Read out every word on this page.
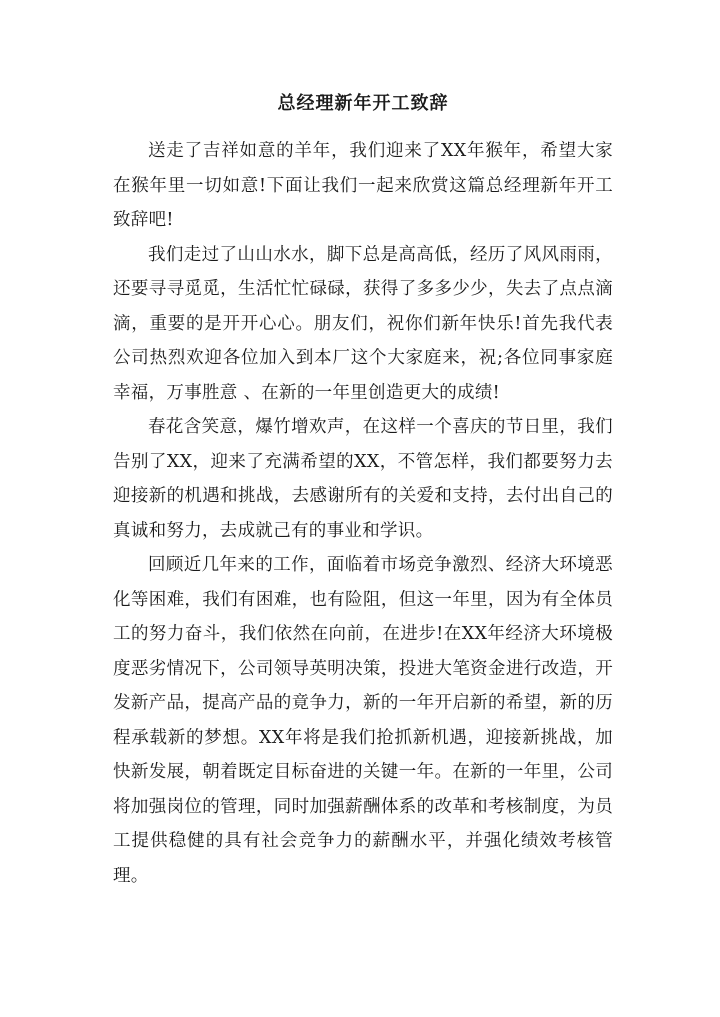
总经理新年开工致辞

送走了吉祥如意的羊年，我们迎来了XX年猴年，希望大家在猴年里一切如意!下面让我们一起来欣赏这篇总经理新年开工致辞吧!

我们走过了山山水水，脚下总是高高低，经历了风风雨雨，还要寻寻觅觅，生活忙忙碌碌，获得了多多少少，失去了点点滴滴，重要的是开开心心。朋友们，祝你们新年快乐!首先我代表公司热烈欢迎各位加入到本厂这个大家庭来，祝;各位同事家庭幸福，万事胜意 、在新的一年里创造更大的成绩!

春花含笑意，爆竹增欢声，在这样一个喜庆的节日里，我们告别了XX，迎来了充满希望的XX，不管怎样，我们都要努力去迎接新的机遇和挑战，去感谢所有的关爱和支持，去付出自己的真诚和努力，去成就己有的事业和学识。

回顾近几年来的工作，面临着市场竞争激烈、经济大环境恶化等困难，我们有困难，也有险阻，但这一年里，因为有全体员工的努力奋斗，我们依然在向前，在进步!在XX年经济大环境极度恶劣情况下，公司领导英明决策，投进大笔资金进行改造，开发新产品，提高产品的竟争力，新的一年开启新的希望，新的历程承载新的梦想。XX年将是我们抢抓新机遇，迎接新挑战，加快新发展，朝着既定目标奋进的关键一年。在新的一年里，公司将加强岗位的管理，同时加强薪酬体系的改革和考核制度，为员工提供稳健的具有社会竞争力的薪酬水平，并强化绩效考核管理。
